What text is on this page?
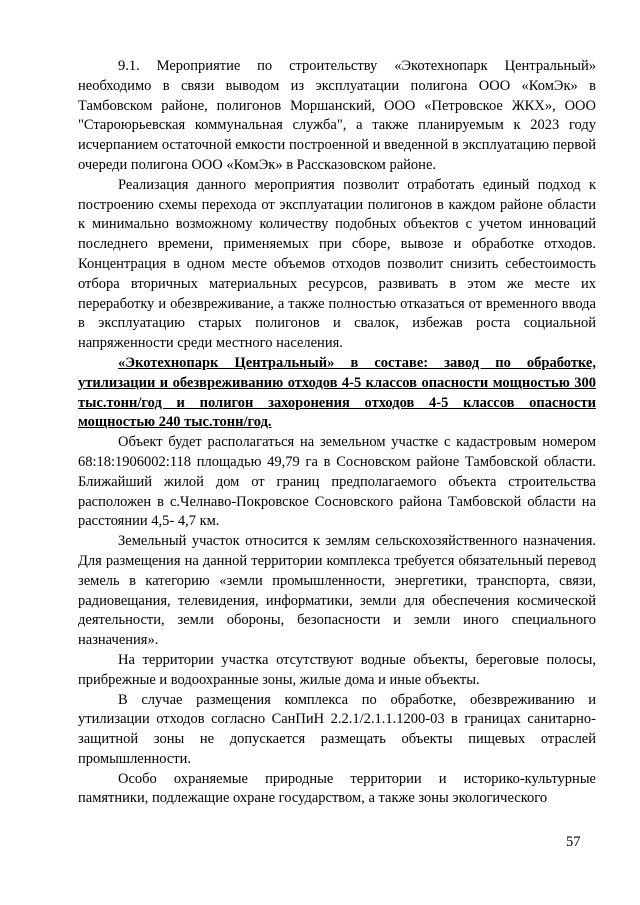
9.1. Мероприятие по строительству «Экотехнопарк Центральный» необходимо в связи выводом из эксплуатации полигона ООО «КомЭк» в Тамбовском районе, полигонов Моршанский, ООО «Петровское ЖКХ», ООО "Староюрьевская коммунальная служба", а также планируемым к 2023 году исчерпанием остаточной емкости построенной и введенной в эксплуатацию первой очереди полигона ООО «КомЭк» в Рассказовском районе.

Реализация данного мероприятия позволит отработать единый подход к построению схемы перехода от эксплуатации полигонов в каждом районе области к минимально возможному количеству подобных объектов с учетом инноваций последнего времени, применяемых при сборе, вывозе и обработке отходов. Концентрация в одном месте объемов отходов позволит снизить себестоимость отбора вторичных материальных ресурсов, развивать в этом же месте их переработку и обезвреживание, а также полностью отказаться от временного ввода в эксплуатацию старых полигонов и свалок, избежав роста социальной напряженности среди местного населения.

«Экотехнопарк Центральный» в составе: завод по обработке, утилизации и обезвреживанию отходов 4-5 классов опасности мощностью 300 тыс.тонн/год и полигон захоронения отходов 4-5 классов опасности мощностью 240 тыс.тонн/год.

Объект будет располагаться на земельном участке с кадастровым номером 68:18:1906002:118 площадью 49,79 га в Сосновском районе Тамбовской области. Ближайший жилой дом от границ предполагаемого объекта строительства расположен в с.Челнаво-Покровское Сосновского района Тамбовской области на расстоянии 4,5- 4,7 км.

Земельный участок относится к землям сельскохозяйственного назначения. Для размещения на данной территории комплекса требуется обязательный перевод земель в категорию «земли промышленности, энергетики, транспорта, связи, радиовещания, телевидения, информатики, земли для обеспечения космической деятельности, земли обороны, безопасности и земли иного специального назначения».

На территории участка отсутствуют водные объекты, береговые полосы, прибрежные и водоохранные зоны, жилые дома и иные объекты.

В случае размещения комплекса по обработке, обезвреживанию и утилизации отходов согласно СанПиН 2.2.1/2.1.1.1200-03 в границах санитарно-защитной зоны не допускается размещать объекты пищевых отраслей промышленности.

Особо охраняемые природные территории и историко-культурные памятники, подлежащие охране государством, а также зоны экологического

57
